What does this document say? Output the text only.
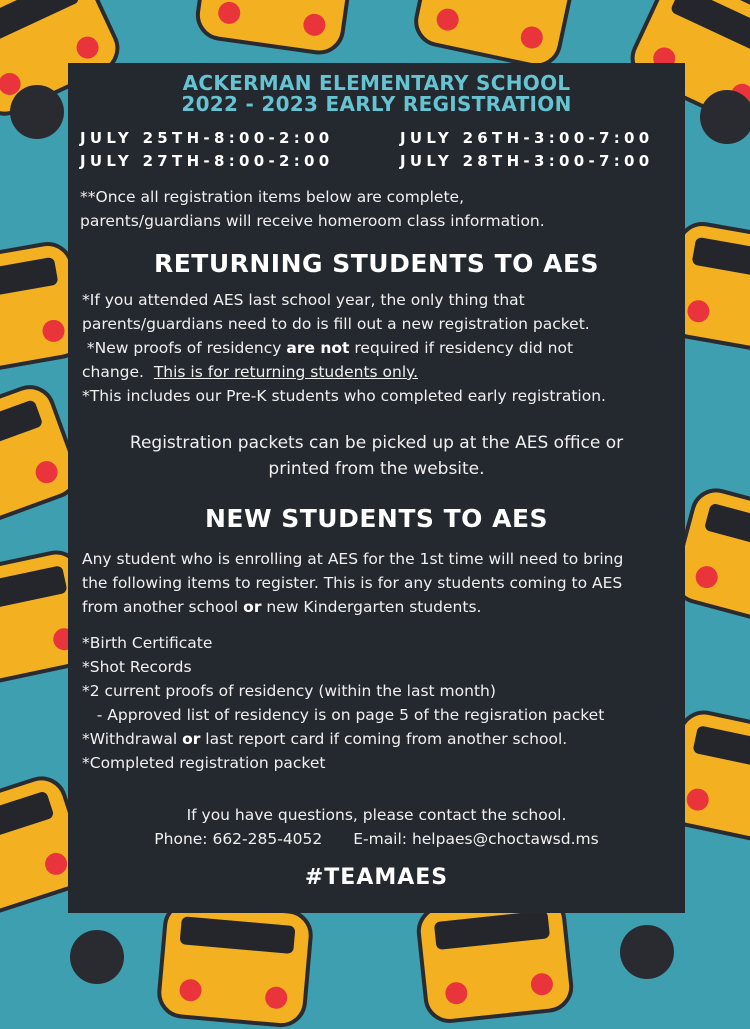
ACKERMAN ELEMENTARY SCHOOL
2022 - 2023 EARLY REGISTRATION
JULY 25TH-8:00-2:00	JULY 26TH-3:00-7:00
JULY 27TH-8:00-2:00	JULY 28TH-3:00-7:00
**Once all registration items below are complete,
parents/guardians will receive homeroom class information.
RETURNING STUDENTS TO AES
*If you attended AES last school year, the only thing that
parents/guardians need to do is fill out a new registration packet.
*New proofs of residency are not required if residency did not
change.  This is for returning students only.
*This includes our Pre-K students who completed early registration.
Registration packets can be picked up at the AES office or
printed from the website.
NEW STUDENTS TO AES
Any student who is enrolling at AES for the 1st time will need to bring
the following items to register. This is for any students coming to AES
from another school or new Kindergarten students.
*Birth Certificate
*Shot Records
*2 current proofs of residency (within the last month)
- Approved list of residency is on page 5 of the regisration packet
*Withdrawal or last report card if coming from another school.
*Completed registration packet
If you have questions, please contact the school.
Phone: 662-285-4052 E-mail: helpaes@choctawsd.ms
#TEAMAES
